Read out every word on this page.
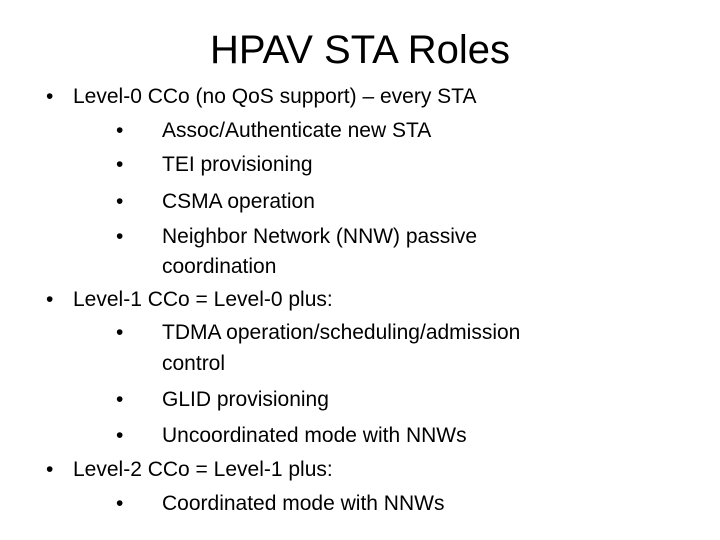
HPAV STA Roles
• Level-0 CCo (no QoS support) – every STA
• Assoc/Authenticate new STA
• TEI provisioning
• CSMA operation
• Neighbor Network (NNW) passive
coordination
• Level-1 CCo = Level-0 plus:
• TDMA operation/scheduling/admission
control
• GLID provisioning
• Uncoordinated mode with NNWs
• Level-2 CCo = Level-1 plus:
• Coordinated mode with NNWs
